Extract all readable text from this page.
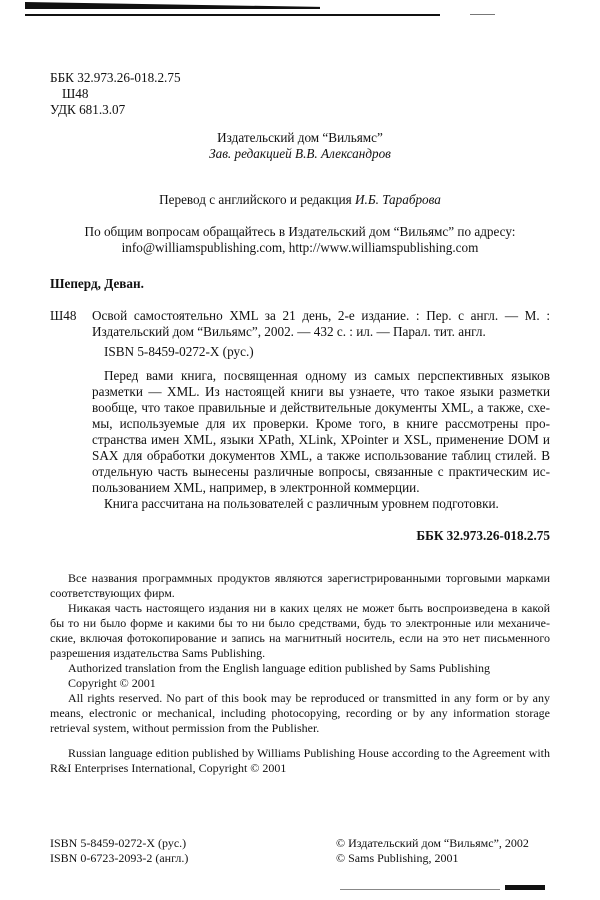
ББК 32.973.26-018.2.75
Ш48
УДК 681.3.07
Издательский дом “Вильямс”
Зав. редакцией В.В. Александров
Перевод с английского и редакция И.Б. Тараброва
По общим вопросам обращайтесь в Издательский дом “Вильямс” по адресу:
info@williamspublishing.com, http://www.williamspublishing.com
Шеперд, Деван.
Ш48 Освой самостоятельно XML за 21 день, 2-е издание. : Пер. с англ. — М. :
Издательский дом “Вильямс”, 2002. — 432 с. : ил. — Парал. тит. англ.
ISBN 5-8459-0272-X (рус.)
Перед вами книга, посвященная одному из самых перспективных языков
разметки — XML. Из настоящей книги вы узнаете, что такое языки разметки
вообще, что такое правильные и действительные документы XML, а также, схе-
мы, используемые для их проверки. Кроме того, в книге рассмотрены про-
странства имен XML, языки XPath, XLink, XPointer и XSL, применение DOM и
SAX для обработки документов XML, а также использование таблиц стилей. В
отдельную часть вынесены различные вопросы, связанные с практическим ис-
пользованием XML, например, в электронной коммерции.
Книга рассчитана на пользователей с различным уровнем подготовки.
ББК 32.973.26-018.2.75
Все названия программных продуктов являются зарегистрированными торговыми марками
соответствующих фирм.
Никакая часть настоящего издания ни в каких целях не может быть воспроизведена в какой
бы то ни было форме и какими бы то ни было средствами, будь то электронные или механиче-
ские, включая фотокопирование и запись на магнитный носитель, если на это нет письменного
разрешения издательства Sams Publishing.
Authorized translation from the English language edition published by Sams Publishing
Copyright © 2001
All rights reserved. No part of this book may be reproduced or transmitted in any form or by any
means, electronic or mechanical, including photocopying, recording or by any information storage
retrieval system, without permission from the Publisher.
Russian language edition published by Williams Publishing House according to the Agreement with
R&I Enterprises International, Copyright © 2001
ISBN 5-8459-0272-X (рус.)
ISBN 0-6723-2093-2 (англ.)
© Издательский дом “Вильямс”, 2002
© Sams Publishing, 2001
